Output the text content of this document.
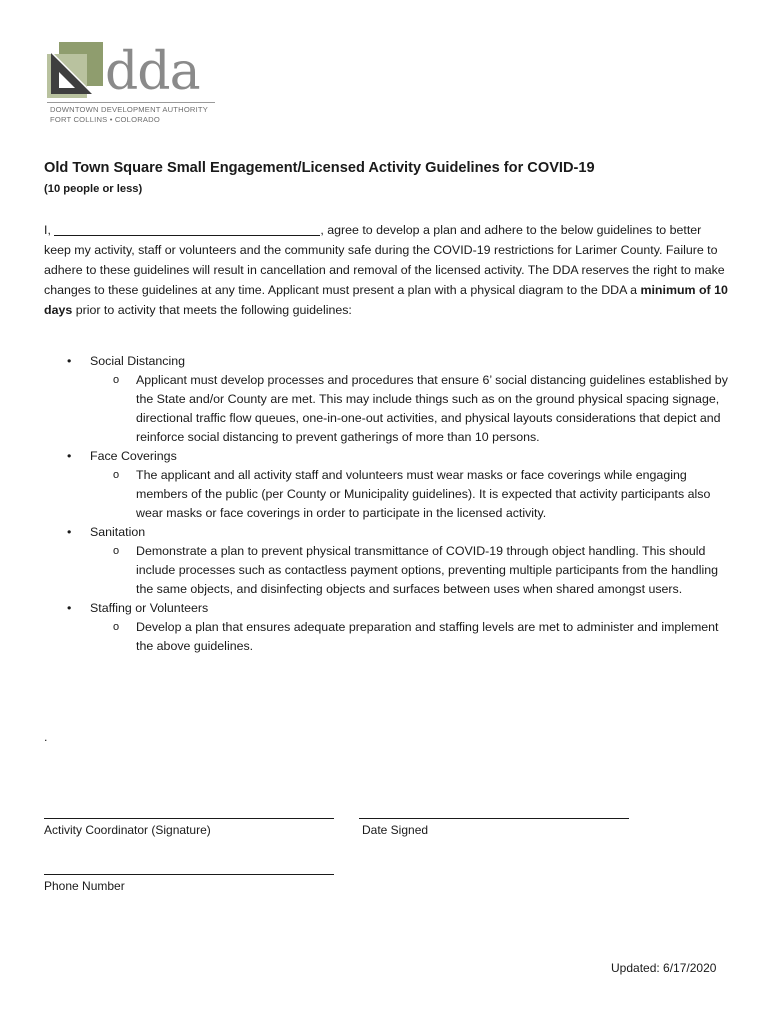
dda
DOWNTOWN DEVELOPMENT AUTHORITY
FORT COLLINS • COLORADO
Old Town Square Small Engagement/Licensed Activity Guidelines for COVID-19
(10 people or less)

I,	, agree to develop a plan and adhere to the below guidelines to better keep my activity, staff or volunteers and the community safe during the COVID-19 restrictions for Larimer County. Failure to adhere to these guidelines will result in cancellation and removal of the licensed activity. The DDA reserves the right to make changes to these guidelines at any time. Applicant must present a plan with a physical diagram to the DDA a minimum of 10 days prior to activity that meets the following guidelines:

• Social Distancing
o Applicant must develop processes and procedures that ensure 6’ social distancing guidelines established by the State and/or County are met. This may include things such as on the ground physical spacing signage, directional traffic flow queues, one-in-one-out activities, and physical layouts considerations that depict and reinforce social distancing to prevent gatherings of more than 10 persons.
• Face Coverings
o The applicant and all activity staff and volunteers must wear masks or face coverings while engaging members of the public (per County or Municipality guidelines). It is expected that activity participants also wear masks or face coverings in order to participate in the licensed activity.
• Sanitation
o Demonstrate a plan to prevent physical transmittance of COVID-19 through object handling. This should include processes such as contactless payment options, preventing multiple participants from the handling the same objects, and disinfecting objects and surfaces between uses when shared amongst users.
• Staffing or Volunteers
o Develop a plan that ensures adequate preparation and staffing levels are met to administer and implement the above guidelines.
.
Activity Coordinator (Signature)	Date Signed
Phone Number
Updated: 6/17/2020
